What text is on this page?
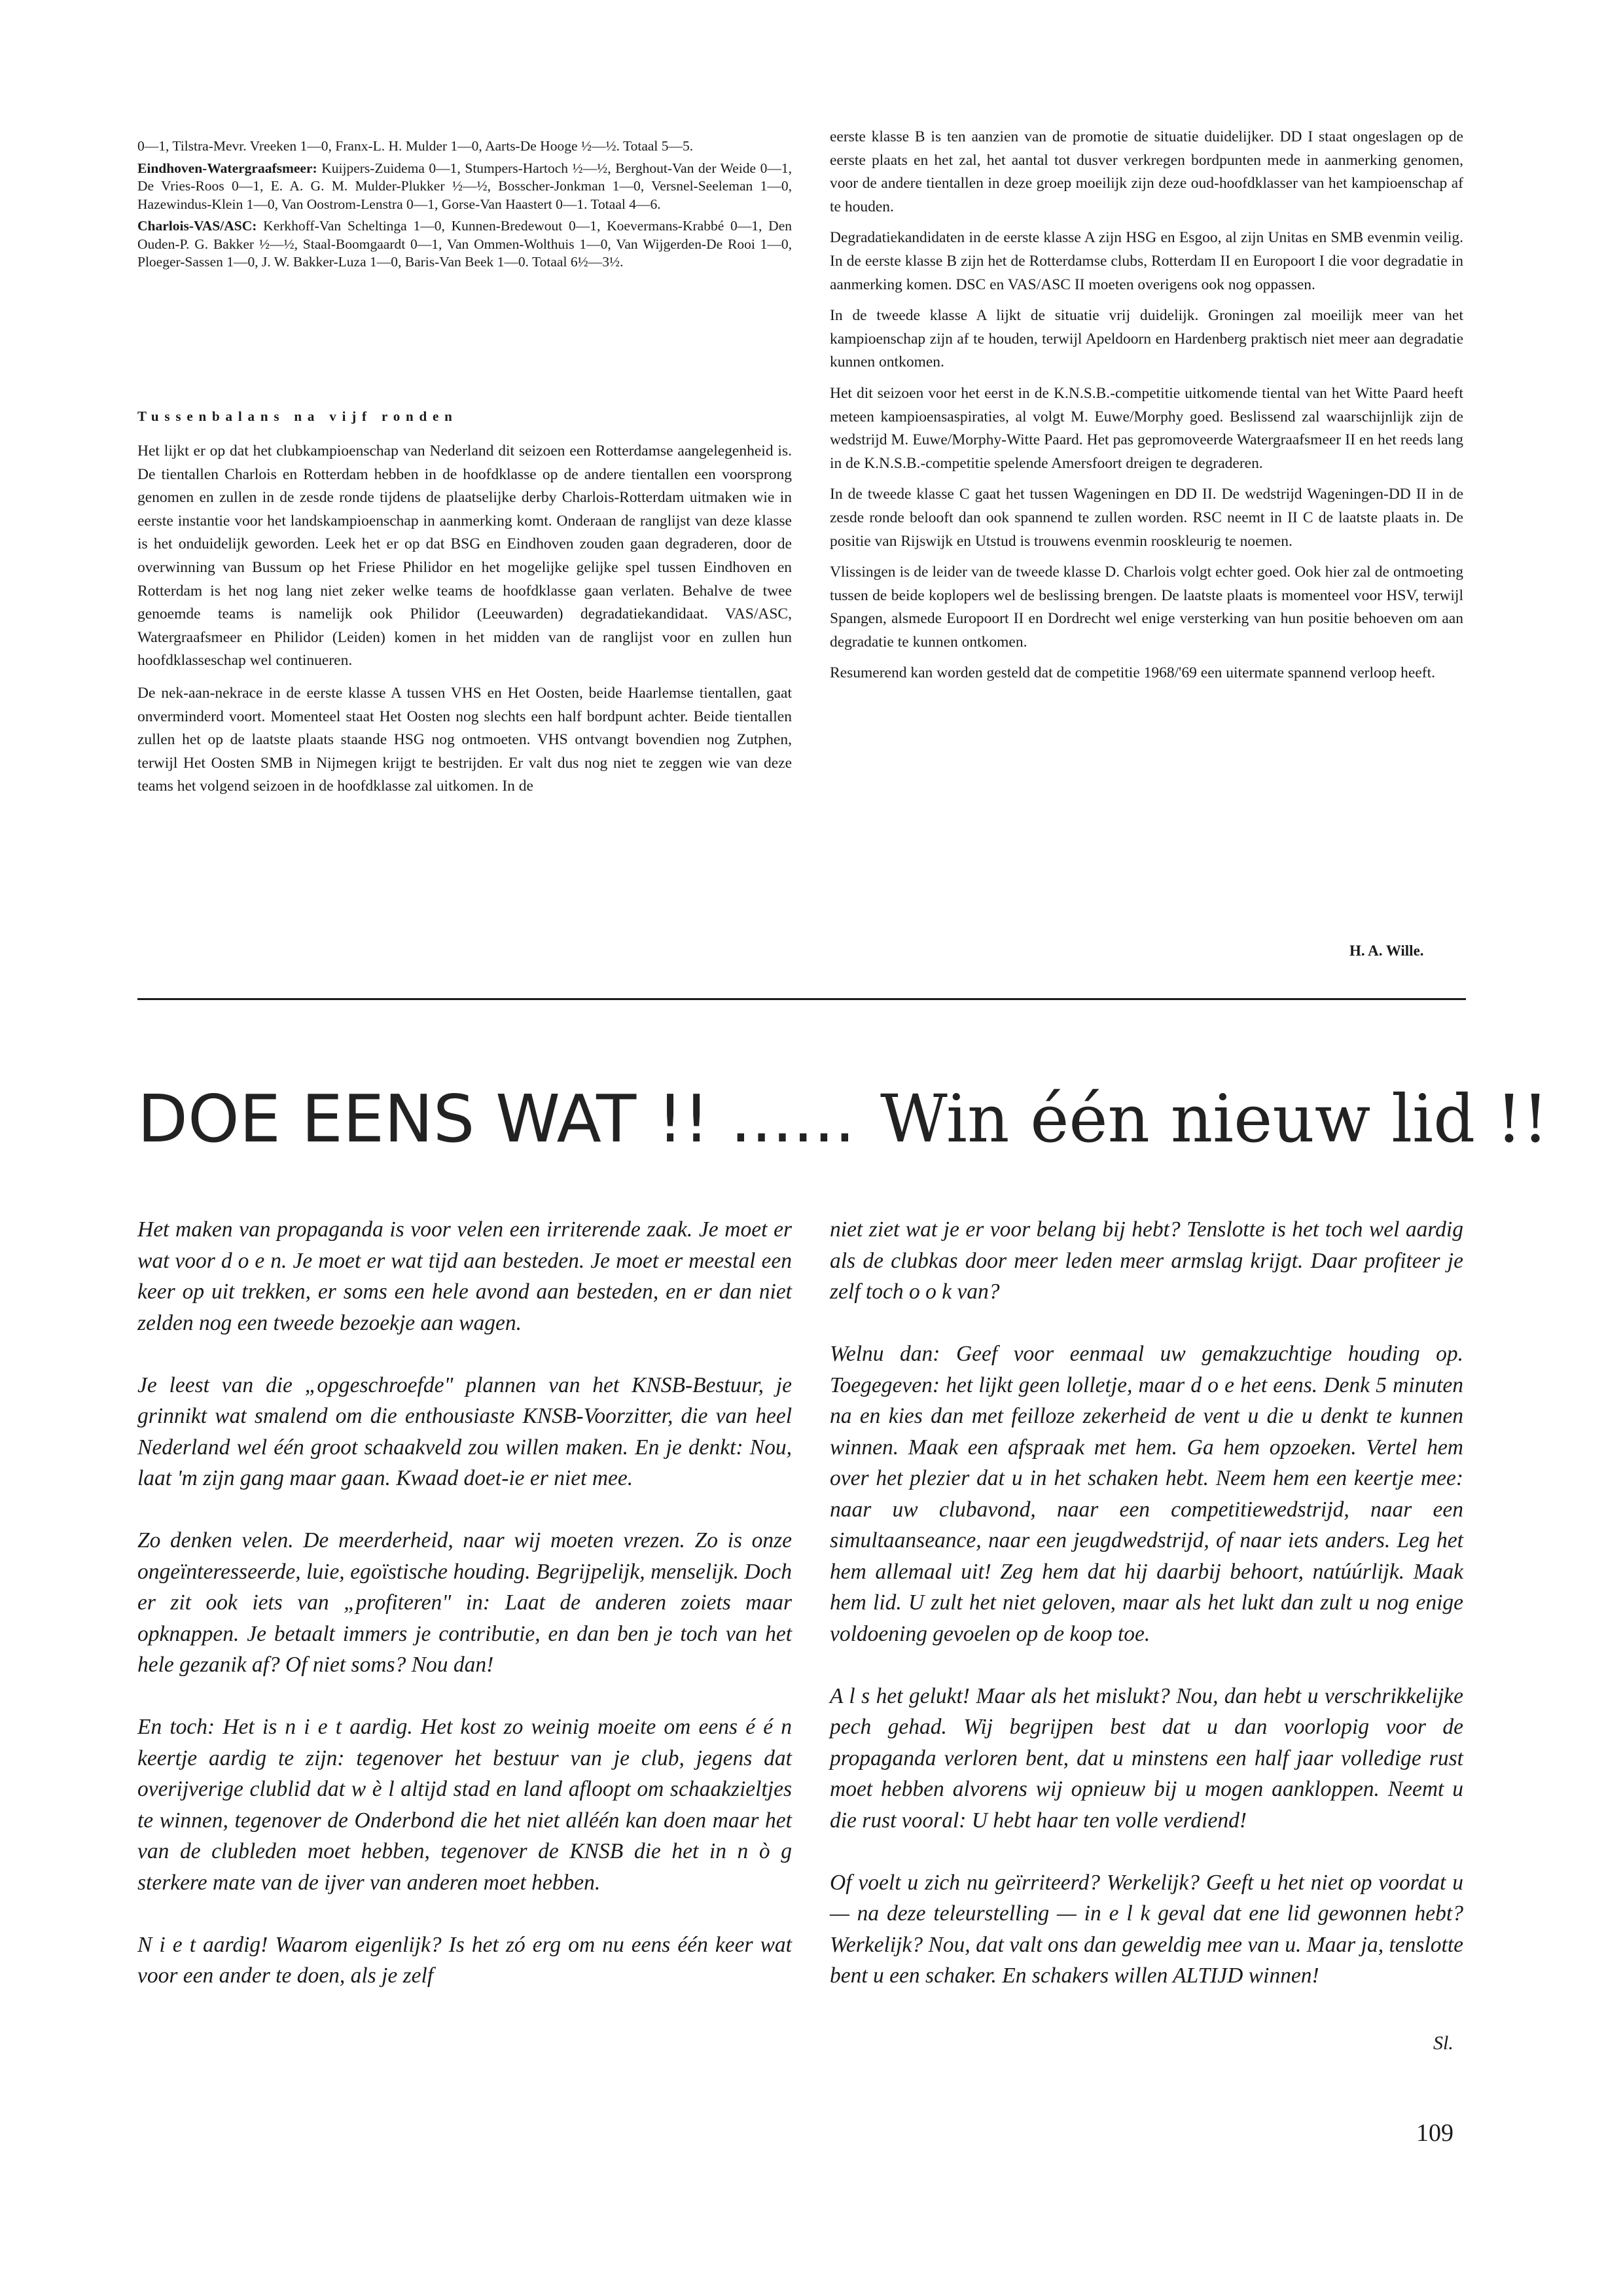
0—1, Tilstra-Mevr. Vreeken 1—0, Franx-L. H. Mulder 1—0, Aarts-De Hooge ½—½. Totaal 5—5.

Eindhoven-Watergraafsmeer: Kuijpers-Zuidema 0—1, Stumpers-Hartoch ½—½, Berghout-Van der Weide 0—1, De Vries-Roos 0—1, E. A. G. M. Mulder-Plukker ½—½, Bosscher-Jonkman 1—0, Versnel-Seeleman 1—0, Hazewindus-Klein 1—0, Van Oostrom-Lenstra 0—1, Gorse-Van Haastert 0—1. Totaal 4—6.

Charlois-VAS/ASC: Kerkhoff-Van Scheltinga 1—0, Kunnen-Bredewout 0—1, Koevermans-Krabbé 0—1, Den Ouden-P. G. Bakker ½—½, Staal-Boomgaardt 0—1, Van Ommen-Wolthuis 1—0, Van Wijgerden-De Rooi 1—0, Ploeger-Sassen 1—0, J. W. Bakker-Luza 1—0, Baris-Van Beek 1—0. Totaal 6½—3½.

Tussenbalans na vijf ronden

Het lijkt er op dat het clubkampioenschap van Nederland dit seizoen een Rotterdamse aangelegenheid is. De tientallen Charlois en Rotterdam hebben in de hoofdklasse op de andere tientallen een voorsprong genomen en zullen in de zesde ronde tijdens de plaatselijke derby Charlois-Rotterdam uitmaken wie in eerste instantie voor het landskampioenschap in aanmerking komt. Onderaan de ranglijst van deze klasse is het onduidelijk geworden. Leek het er op dat BSG en Eindhoven zouden gaan degraderen, door de overwinning van Bussum op het Friese Philidor en het mogelijke gelijke spel tussen Eindhoven en Rotterdam is het nog lang niet zeker welke teams de hoofdklasse gaan verlaten. Behalve de twee genoemde teams is namelijk ook Philidor (Leeuwarden) degradatiekandidaat. VAS/ASC, Watergraafsmeer en Philidor (Leiden) komen in het midden van de ranglijst voor en zullen hun hoofdklasseschap wel continueren.

De nek-aan-nekrace in de eerste klasse A tussen VHS en Het Oosten, beide Haarlemse tientallen, gaat onverminderd voort. Momenteel staat Het Oosten nog slechts een half bordpunt achter. Beide tientallen zullen het op de laatste plaats staande HSG nog ontmoeten. VHS ontvangt bovendien nog Zutphen, terwijl Het Oosten SMB in Nijmegen krijgt te bestrijden. Er valt dus nog niet te zeggen wie van deze teams het volgend seizoen in de hoofdklasse zal uitkomen. In de

eerste klasse B is ten aanzien van de promotie de situatie duidelijker. DD I staat ongeslagen op de eerste plaats en het zal, het aantal tot dusver verkregen bordpunten mede in aanmerking genomen, voor de andere tientallen in deze groep moeilijk zijn deze oud-hoofdklasser van het kampioenschap af te houden.

Degradatiekandidaten in de eerste klasse A zijn HSG en Esgoo, al zijn Unitas en SMB evenmin veilig. In de eerste klasse B zijn het de Rotterdamse clubs, Rotterdam II en Europoort I die voor degradatie in aanmerking komen. DSC en VAS/ASC II moeten overigens ook nog oppassen.

In de tweede klasse A lijkt de situatie vrij duidelijk. Groningen zal moeilijk meer van het kampioenschap zijn af te houden, terwijl Apeldoorn en Hardenberg praktisch niet meer aan degradatie kunnen ontkomen.

Het dit seizoen voor het eerst in de K.N.S.B.-competitie uitkomende tiental van het Witte Paard heeft meteen kampioensaspiraties, al volgt M. Euwe/Morphy goed. Beslissend zal waarschijnlijk zijn de wedstrijd M. Euwe/Morphy-Witte Paard. Het pas gepromoveerde Watergraafsmeer II en het reeds lang in de K.N.S.B.-competitie spelende Amersfoort dreigen te degraderen.

In de tweede klasse C gaat het tussen Wageningen en DD II. De wedstrijd Wageningen-DD II in de zesde ronde belooft dan ook spannend te zullen worden. RSC neemt in II C de laatste plaats in. De positie van Rijswijk en Utstud is trouwens evenmin rooskleurig te noemen.

Vlissingen is de leider van de tweede klasse D. Charlois volgt echter goed. Ook hier zal de ontmoeting tussen de beide koplopers wel de beslissing brengen. De laatste plaats is momenteel voor HSV, terwijl Spangen, alsmede Europoort II en Dordrecht wel enige versterking van hun positie behoeven om aan degradatie te kunnen ontkomen.

Resumerend kan worden gesteld dat de competitie 1968/'69 een uitermate spannend verloop heeft.

H. A. Wille.
DOE EENS WAT !! ...... Win één nieuw lid !!

Het maken van propaganda is voor velen een irriterende zaak. Je moet er wat voor d o e n. Je moet er wat tijd aan besteden. Je moet er meestal een keer op uit trekken, er soms een hele avond aan besteden, en er dan niet zelden nog een tweede bezoekje aan wagen.

Je leest van die „opgeschroefde" plannen van het KNSB-Bestuur, je grinnikt wat smalend om die enthousiaste KNSB-Voorzitter, die van heel Nederland wel één groot schaakveld zou willen maken. En je denkt: Nou, laat 'm zijn gang maar gaan. Kwaad doet-ie er niet mee.

Zo denken velen. De meerderheid, naar wij moeten vrezen. Zo is onze ongeïnteresseerde, luie, egoïstische houding. Begrijpelijk, menselijk. Doch er zit ook iets van „profiteren" in: Laat de anderen zoiets maar opknappen. Je betaalt immers je contributie, en dan ben je toch van het hele gezanik af? Of niet soms? Nou dan!

En toch: Het is n i e t aardig. Het kost zo weinig moeite om eens é é n keertje aardig te zijn: tegenover het bestuur van je club, jegens dat overijverige clublid dat w è l altijd stad en land afloopt om schaakzieltjes te winnen, tegenover de Onderbond die het niet alléén kan doen maar het van de clubleden moet hebben, tegenover de KNSB die het in n ò g sterkere mate van de ijver van anderen moet hebben.

N i e t aardig! Waarom eigenlijk? Is het zó erg om nu eens één keer wat voor een ander te doen, als je zelf

niet ziet wat je er voor belang bij hebt? Tenslotte is het toch wel aardig als de clubkas door meer leden meer armslag krijgt. Daar profiteer je zelf toch o o k van?

Welnu dan: Geef voor eenmaal uw gemakzuchtige houding op. Toegegeven: het lijkt geen lolletje, maar d o e het eens. Denk 5 minuten na en kies dan met feilloze zekerheid de vent u die u denkt te kunnen winnen. Maak een afspraak met hem. Ga hem opzoeken. Vertel hem over het plezier dat u in het schaken hebt. Neem hem een keertje mee: naar uw clubavond, naar een competitiewedstrijd, naar een simultaanseance, naar een jeugdwedstrijd, of naar iets anders. Leg het hem allemaal uit! Zeg hem dat hij daarbij behoort, natúúrlijk. Maak hem lid. U zult het niet geloven, maar als het lukt dan zult u nog enige voldoening gevoelen op de koop toe.

A l s het gelukt! Maar als het mislukt? Nou, dan hebt u verschrikkelijke pech gehad. Wij begrijpen best dat u dan voorlopig voor de propaganda verloren bent, dat u minstens een half jaar volledige rust moet hebben alvorens wij opnieuw bij u mogen aankloppen. Neemt u die rust vooral: U hebt haar ten volle verdiend!

Of voelt u zich nu geïrriteerd? Werkelijk? Geeft u het niet op voordat u — na deze teleurstelling — in e l k geval dat ene lid gewonnen hebt? Werkelijk? Nou, dat valt ons dan geweldig mee van u. Maar ja, tenslotte bent u een schaker. En schakers willen ALTIJD winnen!

Sl.
109
